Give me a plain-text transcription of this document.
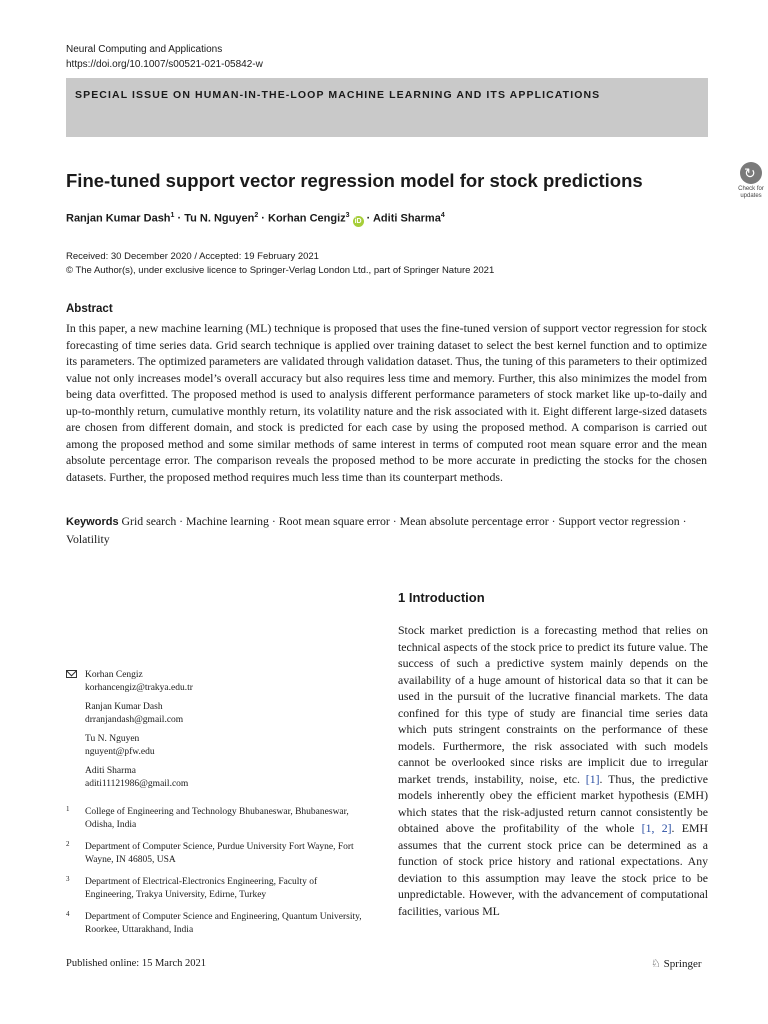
Neural Computing and Applications
https://doi.org/10.1007/s00521-021-05842-w
SPECIAL ISSUE ON HUMAN-IN-THE-LOOP MACHINE LEARNING AND ITS APPLICATIONS
↻
Check for
updates
Fine-tuned support vector regression model for stock predictions
Ranjan Kumar Dash$^1$ · Tu N. Nguyen$^2$ · Korhan Cengiz$^3$ iD · Aditi Sharma$^4$
Received: 30 December 2020 / Accepted: 19 February 2021
© The Author(s), under exclusive licence to Springer-Verlag London Ltd., part of Springer Nature 2021
Abstract
In this paper, a new machine learning (ML) technique is proposed that uses the fine-tuned version of support vector regression for stock forecasting of time series data. Grid search technique is applied over training dataset to select the best kernel function and to optimize its parameters. The optimized parameters are validated through validation dataset. Thus, the tuning of this parameters to their optimized value not only increases model’s overall accuracy but also requires less time and memory. Further, this also minimizes the model from being data overfitted. The proposed method is used to analysis different performance parameters of stock market like up-to-daily and up-to-monthly return, cumulative monthly return, its volatility nature and the risk associated with it. Eight different large-sized datasets are chosen from different domain, and stock is predicted for each case by using the proposed method. A comparison is carried out among the proposed method and some similar methods of same interest in terms of computed root mean square error and the mean absolute percentage error. The comparison reveals the proposed method to be more accurate in predicting the stocks for the chosen datasets. Further, the proposed method requires much less time than its counterpart methods.
Keywords Grid search · Machine learning · Root mean square error · Mean absolute percentage error · Support vector regression · Volatility
1 Introduction
Stock market prediction is a forecasting method that relies on technical aspects of the stock price to predict its future value. The success of such a predictive system mainly depends on the availability of a huge amount of historical data so that it can be used in the pursuit of the lucrative financial markets. The data confined for this type of study are financial time series data which puts stringent constraints on the performance of these models. Furthermore, the risk associated with such models cannot be overlooked since risks are implicit due to irregular market trends, instability, noise, etc. [1]. Thus, the predictive models inherently obey the efficient market hypothesis (EMH) which states that the risk-adjusted return cannot consistently be obtained above the profitability of the whole [1, 2]. EMH assumes that the current stock price can be determined as a function of stock price history and rational expectations. Any deviation to this assumption may leave the stock price to be unpredictable. However, with the advancement of computational facilities, various ML
Korhan Cengiz
korhancengiz@trakya.edu.tr
Ranjan Kumar Dash
drranjandash@gmail.com
Tu N. Nguyen
nguyent@pfw.edu
Aditi Sharma
aditi11121986@gmail.com
1 College of Engineering and Technology Bhubaneswar, Bhubaneswar, Odisha, India
2 Department of Computer Science, Purdue University Fort Wayne, Fort Wayne, IN 46805, USA
3 Department of Electrical-Electronics Engineering, Faculty of Engineering, Trakya University, Edirne, Turkey
4 Department of Computer Science and Engineering, Quantum University, Roorkee, Uttarakhand, India
Published online: 15 March 2021	♘ Springer
